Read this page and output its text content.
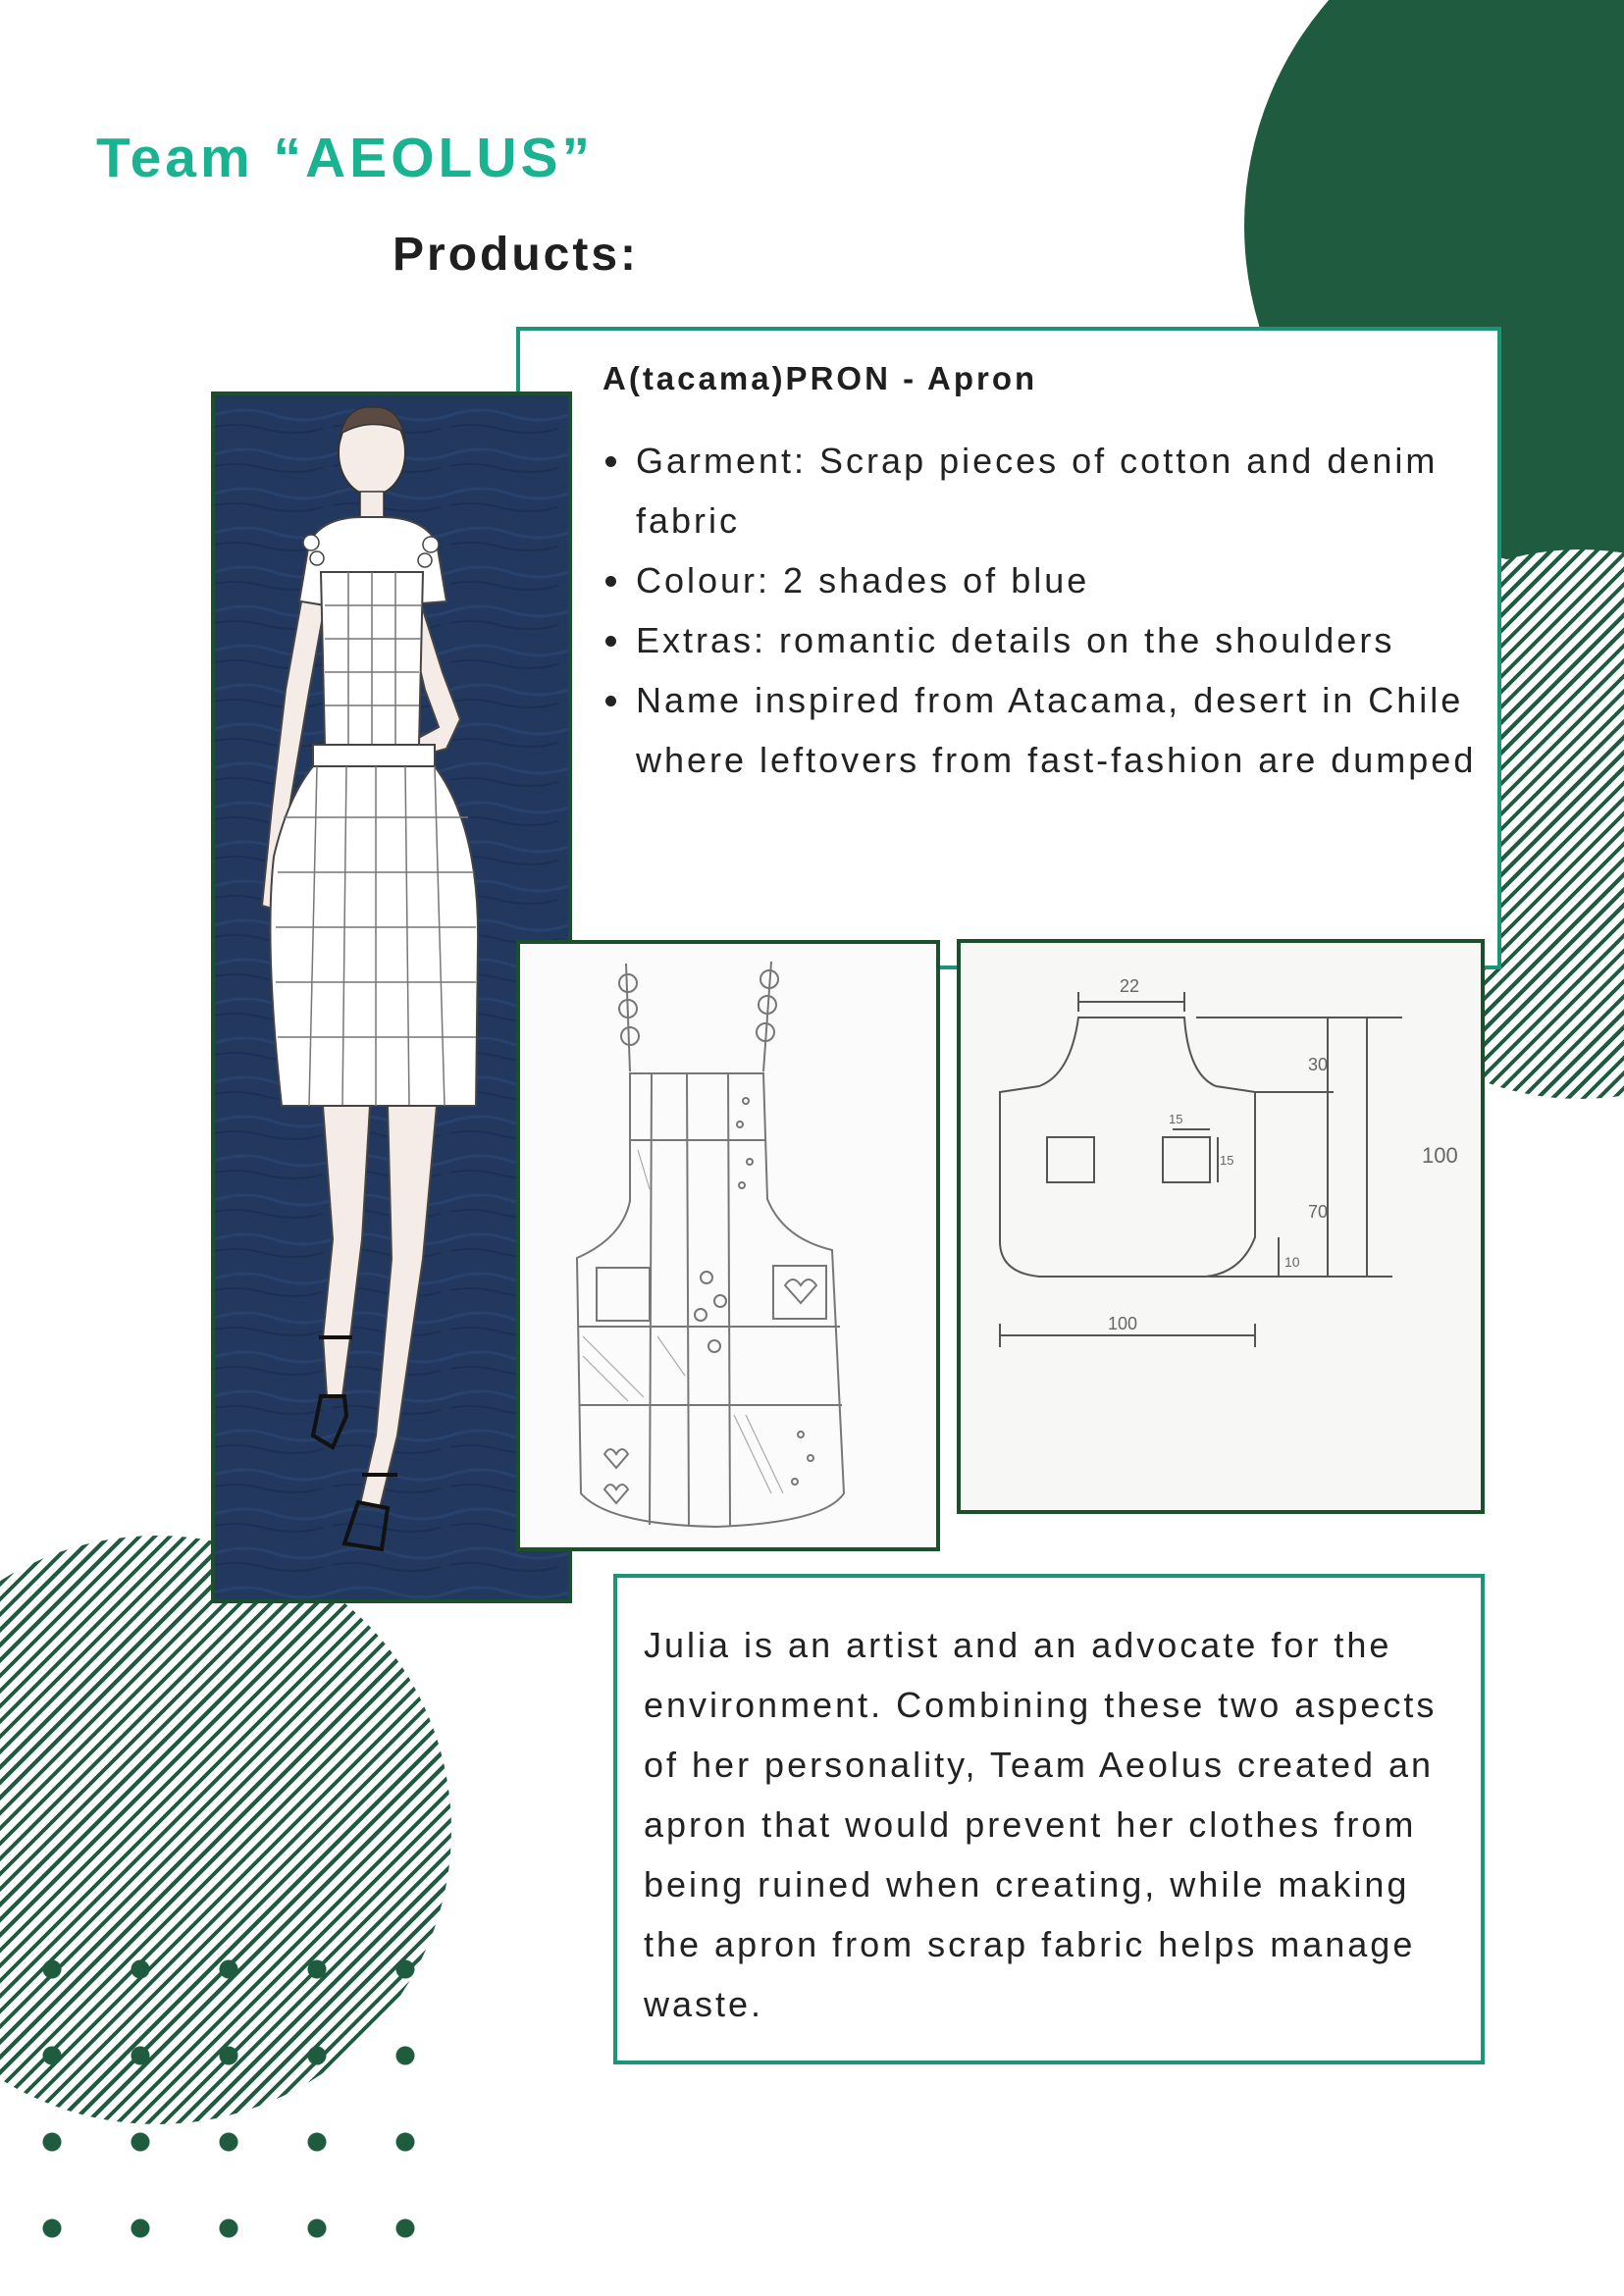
Team “AEOLUS”
Products:
A(tacama)PRON - Apron
• Garment: Scrap pieces of cotton and denim fabric
• Colour: 2 shades of blue
• Extras: romantic details on the shoulders
• Name inspired from Atacama, desert in Chile where leftovers from fast-fashion are dumped
22
30
15
15	100
70
10
100

Julia is an artist and an advocate for the environment. Combining these two aspects of her personality, Team Aeolus created an apron that would prevent her clothes from being ruined when creating, while making the apron from scrap fabric helps manage waste.
